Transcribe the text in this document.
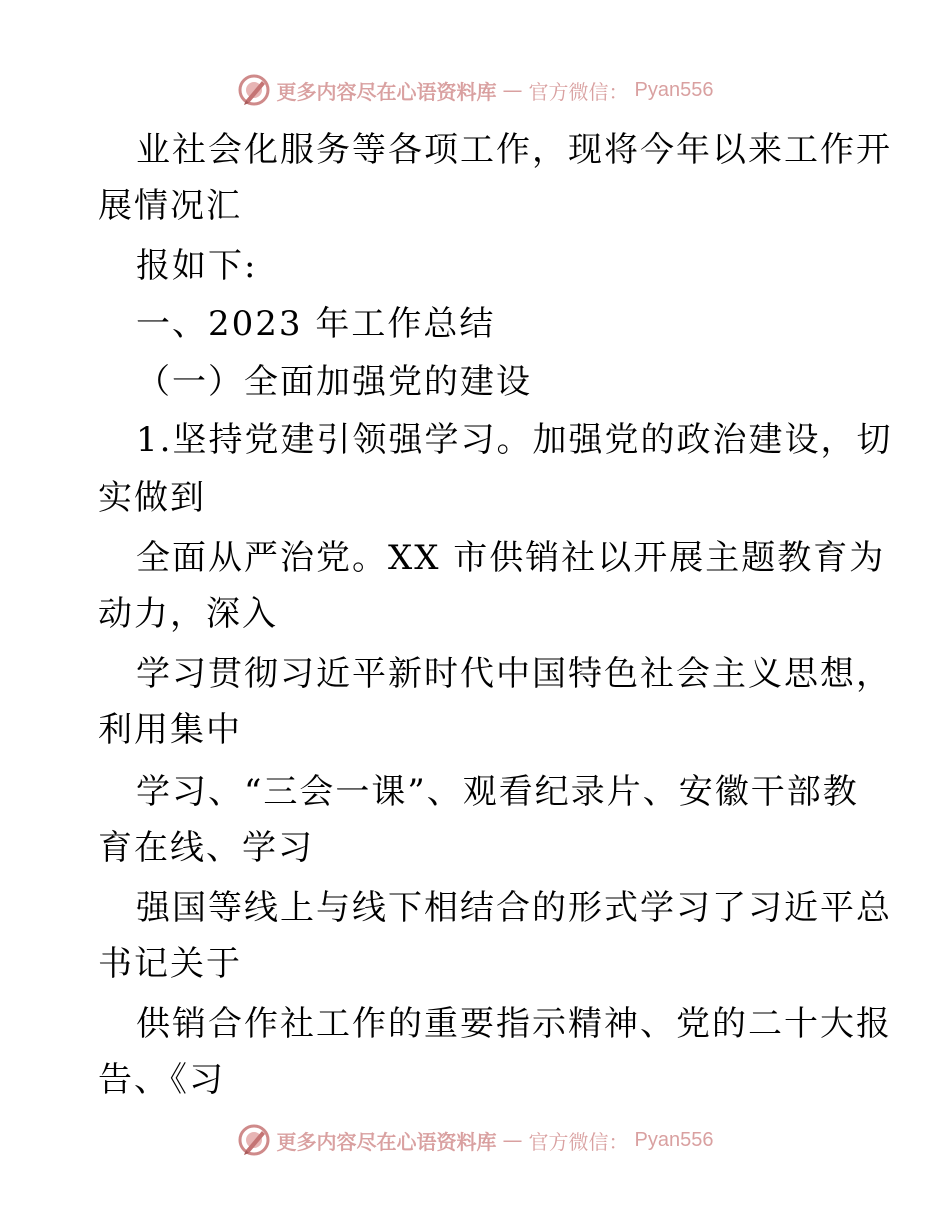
更多内容尽在心语资料库 — 官方微信： Pyan556
业社会化服务等各项工作，现将今年以来工作开
展情况汇
报如下:
一、2023 年工作总结
（一）全面加强党的建设
1.坚持党建引领强学习。加强党的政治建设，切
实做到
全面从严治党。XX 市供销社以开展主题教育为
动力，深入
学习贯彻习近平新时代中国特色社会主义思想，
利用集中
学习、“三会一课”、观看纪录片、安徽干部教
育在线、学习
强国等线上与线下相结合的形式学习了习近平总
书记关于
供销合作社工作的重要指示精神、党的二十大报
告、《习
更多内容尽在心语资料库 — 官方微信： Pyan556
